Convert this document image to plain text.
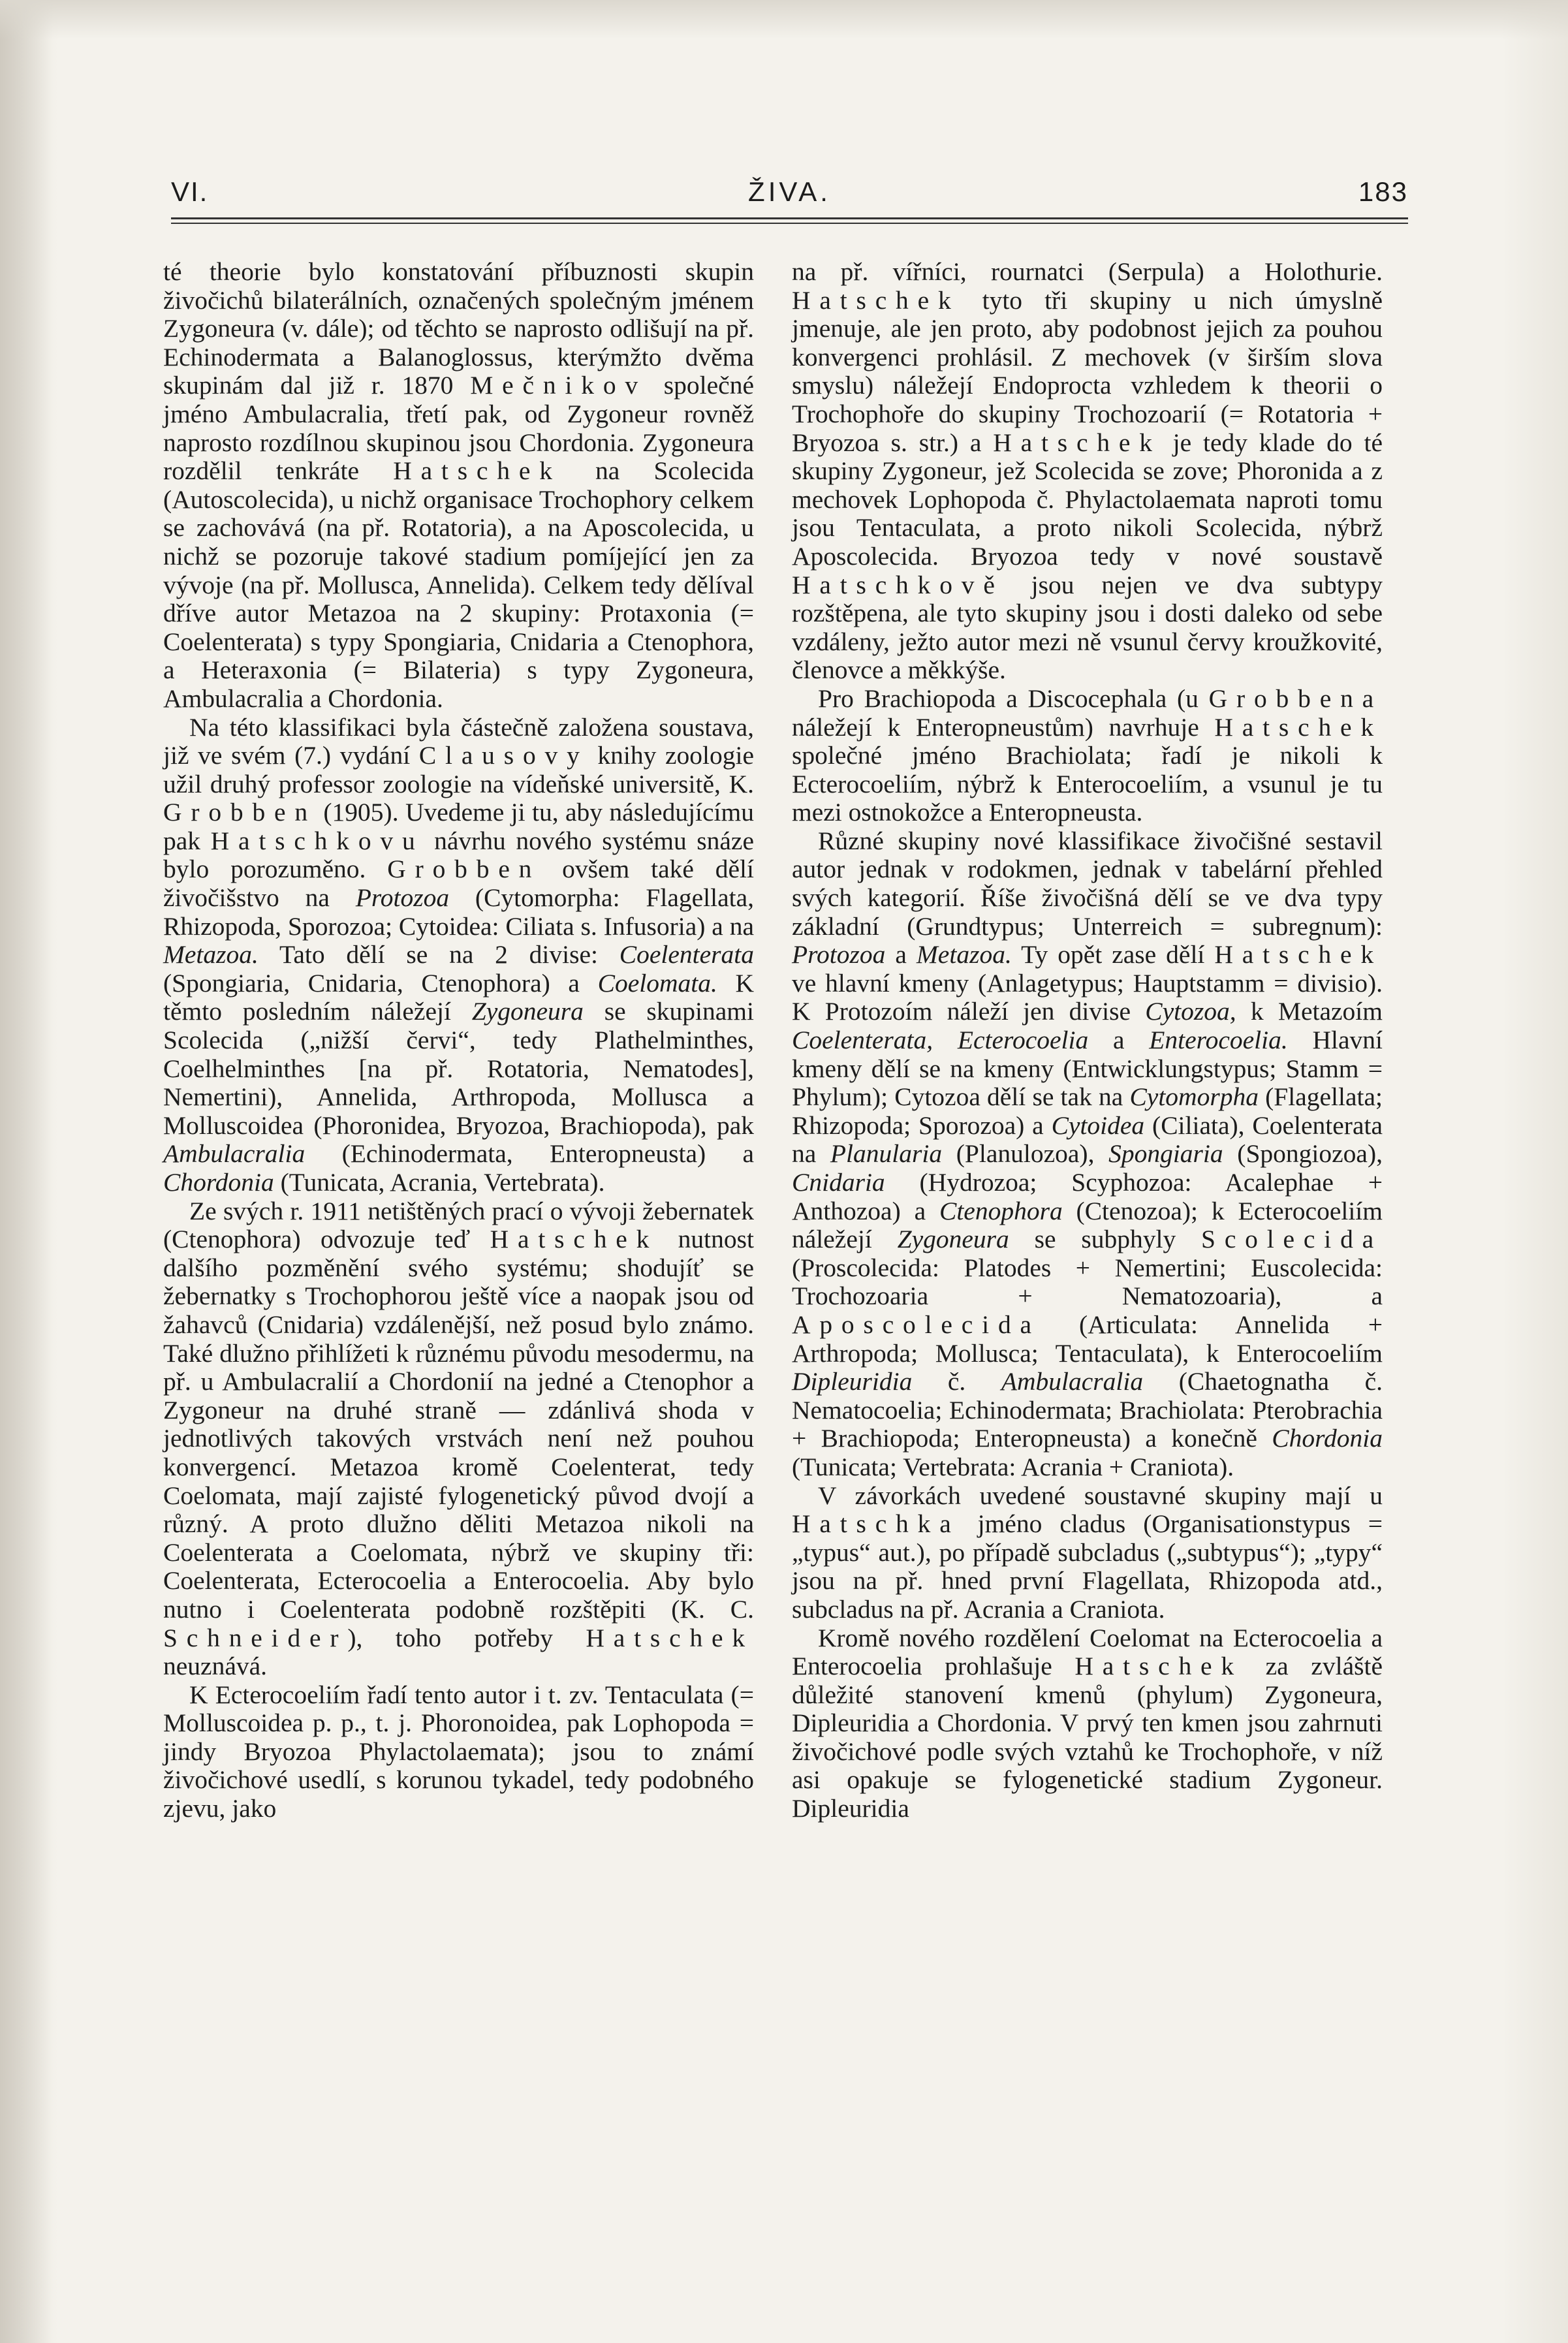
VI.	ŽIVA.	183

té theorie bylo konstatování příbuznosti skupin živočichů bilaterálních, označených společným jménem Zygoneura (v. dále); od těchto se naprosto odlišují na př. Echinodermata a Balanoglossus, kterýmžto dvěma skupinám dal již r. 1870 Mečnikov společné jméno Ambulacralia, třetí pak, od Zygoneur rovněž naprosto rozdílnou skupinou jsou Chordonia. Zygoneura rozdělil tenkráte Hatschek na Scolecida (Autoscolecida), u nichž organisace Trochophory celkem se zachovává (na př. Rotatoria), a na Aposcolecida, u nichž se pozoruje takové stadium pomíjející jen za vývoje (na př. Mollusca, Annelida). Celkem tedy dělíval dříve autor Metazoa na 2 skupiny: Protaxonia (= Coelenterata) s typy Spongiaria, Cnidaria a Ctenophora, a Heteraxonia (= Bilateria) s typy Zygoneura, Ambulacralia a Chordonia.

Na této klassifikaci byla částečně založena soustava, již ve svém (7.) vydání Clausovy knihy zoologie užil druhý professor zoologie na vídeňské universitě, K. Grobben (1905). Uvedeme ji tu, aby následujícímu pak Hatschkovu návrhu nového systému snáze bylo porozuměno. Grobben ovšem také dělí živočišstvo na Protozoa (Cytomorpha: Flagellata, Rhizopoda, Sporozoa; Cytoidea: Ciliata s. Infusoria) a na Metazoa. Tato dělí se na 2 divise: Coelenterata (Spongiaria, Cnidaria, Ctenophora) a Coelomata. K těmto posledním náležejí Zygoneura se skupinami Scolecida („nižší červi“, tedy Plathelminthes, Coelhelminthes [na př. Rotatoria, Nematodes], Nemertini), Annelida, Arthropoda, Mollusca a Molluscoidea (Phoronidea, Bryozoa, Brachiopoda), pak Ambulacralia (Echinodermata, Enteropneusta) a Chordonia (Tunicata, Acrania, Vertebrata).

Ze svých r. 1911 netištěných prací o vývoji žebernatek (Ctenophora) odvozuje teď Hatschek nutnost dalšího pozměnění svého systému; shodujíť se žebernatky s Trochophorou ještě více a naopak jsou od žahavců (Cnidaria) vzdálenější, než posud bylo známo. Také dlužno přihlížeti k různému původu mesodermu, na př. u Ambulacralií a Chordonií na jedné a Ctenophor a Zygoneur na druhé straně — zdánlivá shoda v jednotlivých takových vrstvách není než pouhou konvergencí. Metazoa kromě Coelenterat, tedy Coelomata, mají zajisté fylogenetický původ dvojí a různý. A proto dlužno děliti Metazoa nikoli na Coelenterata a Coelomata, nýbrž ve skupiny tři: Coelenterata, Ecterocoelia a Enterocoelia. Aby bylo nutno i Coelenterata podobně rozštěpiti (K. C. Schneider), toho potřeby Hatschek neuznává.

K Ecterocoeliím řadí tento autor i t. zv. Tentaculata (= Molluscoidea p. p., t. j. Phoronoidea, pak Lophopoda = jindy Bryozoa Phylactolaemata); jsou to známí živočichové usedlí, s korunou tykadel, tedy podobného zjevu, jako

na př. vířníci, rournatci (Serpula) a Holothurie. Hatschek tyto tři skupiny u nich úmyslně jmenuje, ale jen proto, aby podobnost jejich za pouhou konvergenci prohlásil. Z mechovek (v širším slova smyslu) náležejí Endoprocta vzhledem k theorii o Trochophoře do skupiny Trochozoarií (= Rotatoria + Bryozoa s. str.) a Hatschek je tedy klade do té skupiny Zygoneur, jež Scolecida se zove; Phoronida a z mechovek Lophopoda č. Phylactolaemata naproti tomu jsou Tentaculata, a proto nikoli Scolecida, nýbrž Aposcolecida. Bryozoa tedy v nové soustavě Hatschkově jsou nejen ve dva subtypy rozštěpena, ale tyto skupiny jsou i dosti daleko od sebe vzdáleny, ježto autor mezi ně vsunul červy kroužkovité, členovce a měkkýše.

Pro Brachiopoda a Discocephala (u Grobbena náležejí k Enteropneustům) navrhuje Hatschek společné jméno Brachiolata; řadí je nikoli k Ecterocoeliím, nýbrž k Enterocoeliím, a vsunul je tu mezi ostnokožce a Enteropneusta.

Různé skupiny nové klassifikace živočišné sestavil autor jednak v rodokmen, jednak v tabelární přehled svých kategorií. Říše živočišná dělí se ve dva typy základní (Grundtypus; Unterreich = subregnum): Protozoa a Metazoa. Ty opět zase dělí Hatschek ve hlavní kmeny (Anlagetypus; Hauptstamm = divisio). K Protozoím náleží jen divise Cytozoa, k Metazoím Coelenterata, Ecterocoelia a Enterocoelia. Hlavní kmeny dělí se na kmeny (Entwicklungstypus; Stamm = Phylum); Cytozoa dělí se tak na Cytomorpha (Flagellata; Rhizopoda; Sporozoa) a Cytoidea (Ciliata), Coelenterata na Planularia (Planulozoa), Spongiaria (Spongiozoa), Cnidaria (Hydrozoa; Scyphozoa: Acalephae + Anthozoa) a Ctenophora (Ctenozoa); k Ecterocoeliím náležejí Zygoneura se subphyly Scolecida (Proscolecida: Platodes + Nemertini; Euscolecida: Trochozoaria + Nematozoaria), a Aposcolecida (Articulata: Annelida + Arthropoda; Mollusca; Tentaculata), k Enterocoeliím Dipleuridia č. Ambulacralia (Chaetognatha č. Nematocoelia; Echinodermata; Brachiolata: Pterobrachia + Brachiopoda; Enteropneusta) a konečně Chordonia (Tunicata; Vertebrata: Acrania + Craniota).

V závorkách uvedené soustavné skupiny mají u Hatschka jméno cladus (Organisationstypus = „typus“ aut.), po případě subcladus („subtypus“); „typy“ jsou na př. hned první Flagellata, Rhizopoda atd., subcladus na př. Acrania a Craniota.

Kromě nového rozdělení Coelomat na Ecterocoelia a Enterocoelia prohlašuje Hatschek za zvláště důležité stanovení kmenů (phylum) Zygoneura, Dipleuridia a Chordonia. V prvý ten kmen jsou zahrnuti živočichové podle svých vztahů ke Trochophoře, v níž asi opakuje se fylogenetické stadium Zygoneur. Dipleuridia
